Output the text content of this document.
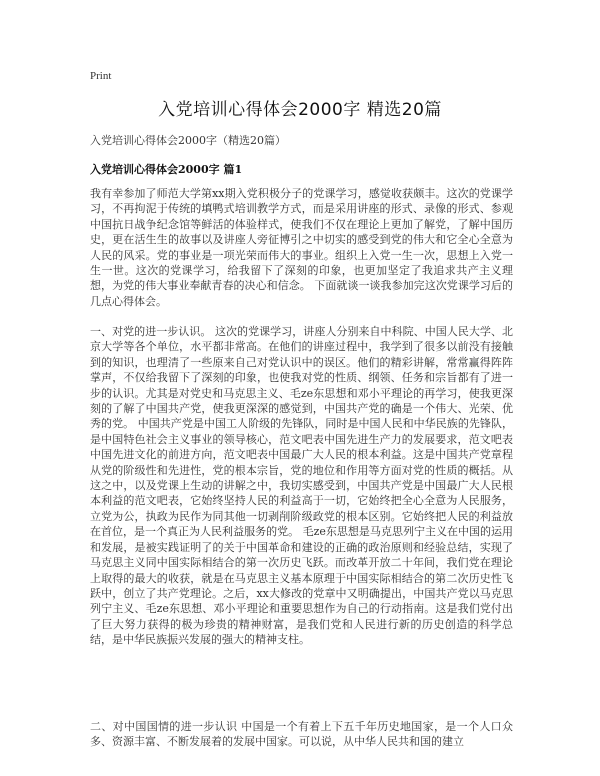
Print
入党培训心得体会2000字 精选20篇

入党培训心得体会2000字（精选20篇）

入党培训心得体会2000字 篇1

我有幸参加了师范大学第xx期入党积极分子的党课学习，感觉收获颇丰。这次的党课学习，不再拘泥于传统的填鸭式培训教学方式，而是采用讲座的形式、录像的形式、参观中国抗日战争纪念馆等鲜活的体验样式，使我们不仅在理论上更加了解党，了解中国历史，更在活生生的故事以及讲座人旁征博引之中切实的感受到党的伟大和它全心全意为人民的风采。党的事业是一项光荣而伟大的事业。组织上入党一生一次，思想上入党一生一世。这次的党课学习，给我留下了深刻的印象，也更加坚定了我追求共产主义理想，为党的伟大事业奉献青春的决心和信念。 下面就谈一谈我参加完这次党课学习后的几点心得体会。

一、对党的进一步认识。 这次的党课学习，讲座人分别来自中科院、中国人民大学、北京大学等各个单位，水平都非常高。在他们的讲座过程中，我学到了很多以前没有接触到的知识，也理清了一些原来自己对党认识中的误区。他们的精彩讲解，常常赢得阵阵掌声，不仅给我留下了深刻的印象，也使我对党的性质、纲领、任务和宗旨都有了进一步的认识。尤其是对党史和马克思主义、毛ze东思想和邓小平理论的再学习，使我更深刻的了解了中国共产党，使我更深深的感觉到，中国共产党的确是一个伟大、光荣、优秀的党。 中国共产党是中国工人阶级的先锋队，同时是中国人民和中华民族的先锋队，是中国特色社会主义事业的领导核心，范文吧表中国先进生产力的发展要求，范文吧表中国先进文化的前进方向，范文吧表中国最广大人民的根本利益。这是中国共产党章程从党的阶级性和先进性，党的根本宗旨，党的地位和作用等方面对党的性质的概括。从这之中，以及党课上生动的讲解之中，我切实感受到，中国共产党是中国最广大人民根本利益的范文吧表，它始终坚持人民的利益高于一切，它始终把全心全意为人民服务，立党为公，执政为民作为同其他一切剥削阶级政党的根本区别。它始终把人民的利益放在首位，是一个真正为人民利益服务的党。 毛ze东思想是马克思列宁主义在中国的运用和发展，是被实践证明了的关于中国革命和建设的正确的政治原则和经验总结，实现了马克思主义同中国实际相结合的第一次历史飞跃。而改革开放二十年间，我们党在理论上取得的最大的收获，就是在马克思主义基本原理于中国实际相结合的第二次历史性飞跃中，创立了共产党理论。之后，xx大修改的党章中又明确提出，中国共产党以马克思列宁主义、毛ze东思想、邓小平理论和重要思想作为自己的行动指南。这是我们党付出了巨大努力获得的极为珍贵的精神财富，是我们党和人民进行新的历史创造的科学总结，是中华民族振兴发展的强大的精神支柱。

二、对中国国情的进一步认识 中国是一个有着上下五千年历史地国家，是一个人口众多、资源丰富、不断发展着的发展中国家。可以说，从中华人民共和国的建立
